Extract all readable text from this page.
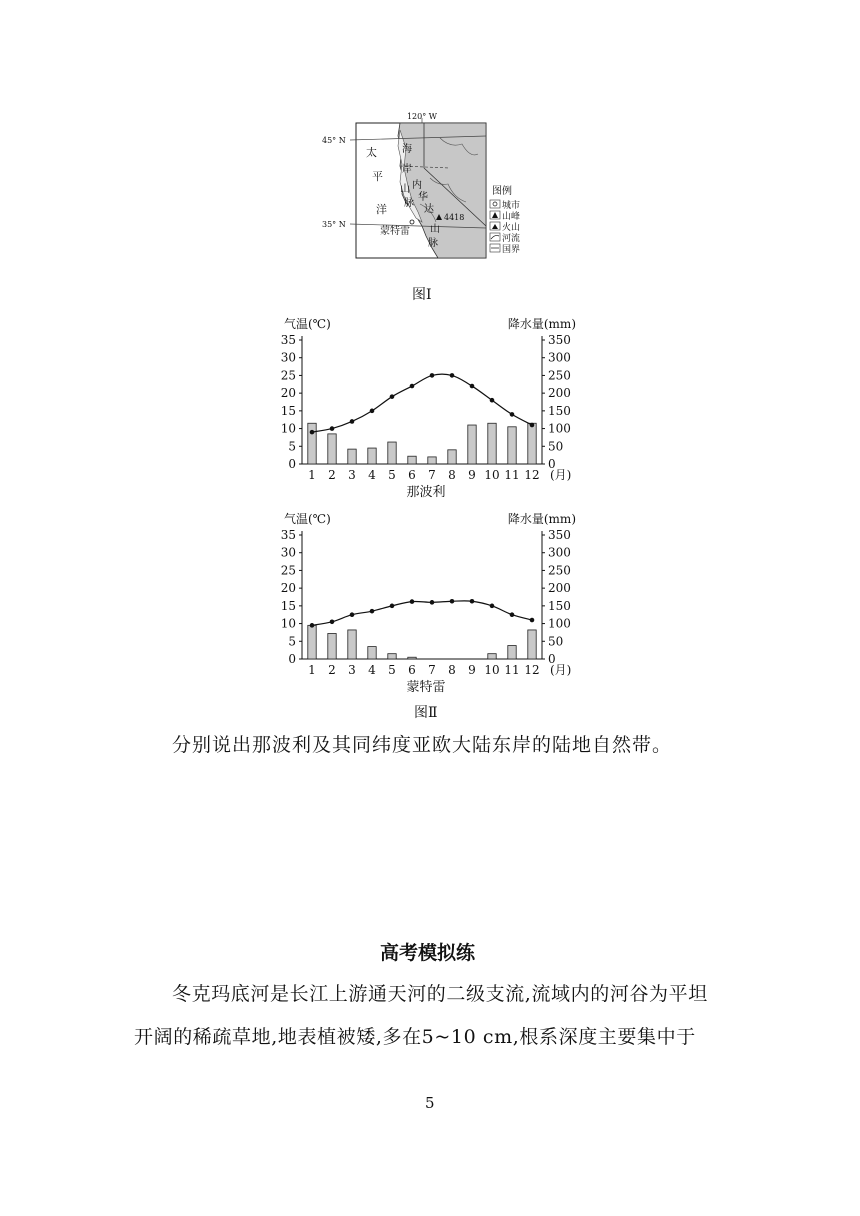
120° W
45° N
35° N
太
平
洋
海
岸
山
脉
内
华
达
山
脉
4418
蒙特雷
图例
城市
山峰
火山
河流
国界
图Ⅰ
气温(℃)	降水量(mm)
35
30
25
20
15
10
5
0
350
300
250
200
150
100
50
0
1 2 3 4 5 6 7 8 9 10 11 12 (月)
那波利
气温(℃)	降水量(mm)
35
30
25
20
15
10
5
0
350
300
250
200
150
100
50
0
1 2 3 4 5 6 7 8 9 10 11 12 (月)
蒙特雷
图Ⅱ
分别说出那波利及其同纬度亚欧大陆东岸的陆地自然带。
高考模拟练
冬克玛底河是长江上游通天河的二级支流,流域内的河谷为平坦
开阔的稀疏草地,地表植被矮,多在5~10 cm,根系深度主要集中于
5
